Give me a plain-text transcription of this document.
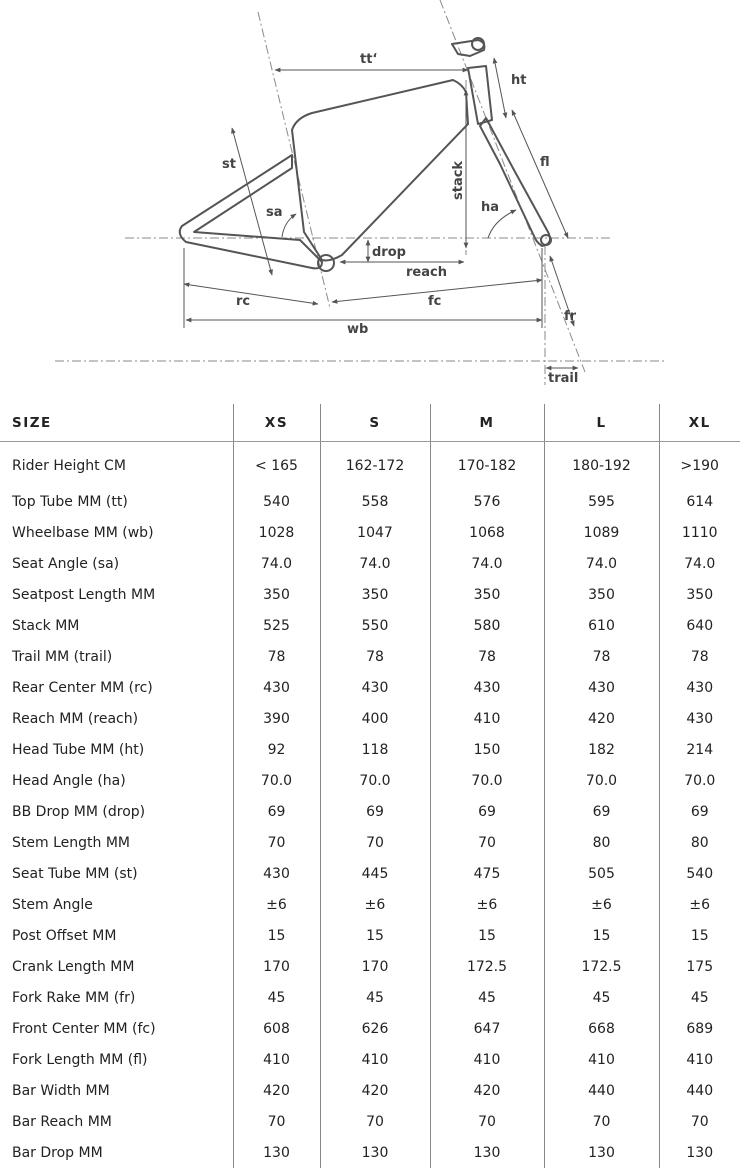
tt‘
ht
st	fl
sa
stack
ha
drop
reach
rc	fc
fr
wb
trail
SIZE	XS	S	M	L	XL
Rider Height CM	< 165	162-172	170-182	180-192	>190
Top Tube MM (tt)	540	558	576	595	614
Wheelbase MM (wb)	1028	1047	1068	1089	1110
Seat Angle (sa)	74.0	74.0	74.0	74.0	74.0
Seatpost Length MM	350	350	350	350	350
Stack MM	525	550	580	610	640
Trail MM (trail)	78	78	78	78	78
Rear Center MM (rc)	430	430	430	430	430
Reach MM (reach)	390	400	410	420	430
Head Tube MM (ht)	92	118	150	182	214
Head Angle (ha)	70.0	70.0	70.0	70.0	70.0
BB Drop MM (drop)	69	69	69	69	69
Stem Length MM	70	70	70	80	80
Seat Tube MM (st)	430	445	475	505	540
Stem Angle	±6	±6	±6	±6	±6
Post Offset MM	15	15	15	15	15
Crank Length MM	170	170	172.5	172.5	175
Fork Rake MM (fr)	45	45	45	45	45
Front Center MM (fc)	608	626	647	668	689
Fork Length MM (fl)	410	410	410	410	410
Bar Width MM	420	420	420	440	440
Bar Reach MM	70	70	70	70	70
Bar Drop MM	130	130	130	130	130
